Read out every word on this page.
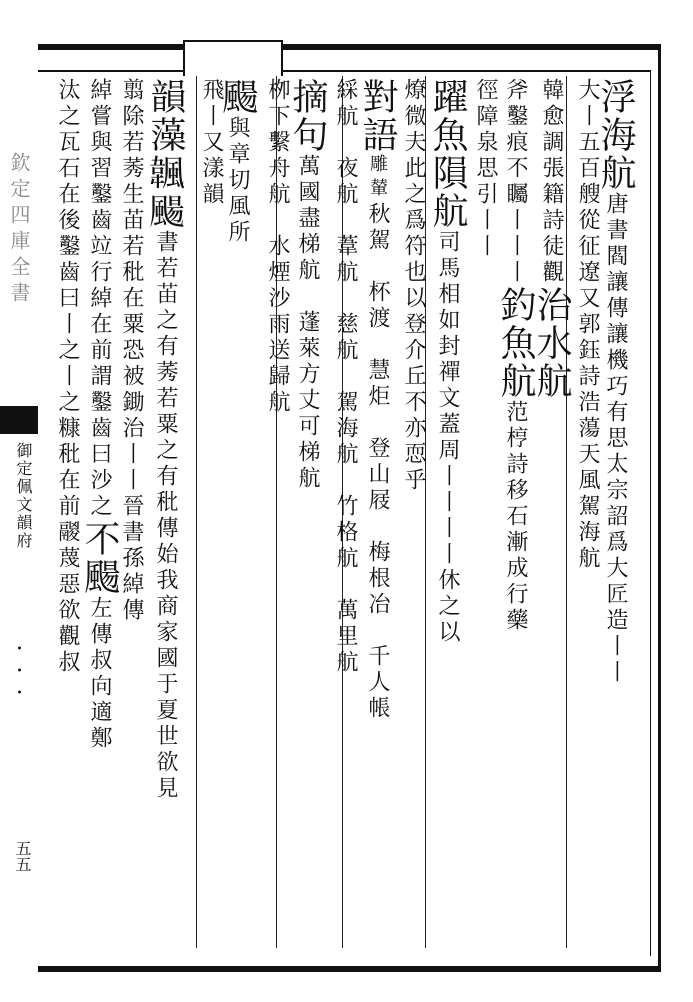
欽定四庫全書
御定佩文韻府
・・・
五五
浮海航唐書閻讓傳讓機巧有思太宗詔爲大匠造丨丨
大丨五百艘從征遼又郭鈺詩浩蕩天風駕海航
韓愈調張籍詩徒觀治水航
斧鑿痕不矚丨丨丨釣魚航范梈詩移石漸成行藥
徑障泉思引丨丨
躍魚隕航司馬相如封禪文蓋周丨丨丨丨休之以
燎微夫此之爲符也以登介丘不亦恧乎
對語雕輦秋駕　杯渡　慧炬　登山屐　梅根冶　千人帳
綵航　夜航　葦航　慈航　駕海航　竹格航　萬里航
摘句萬國盡梯航　蓬萊方丈可梯航
栁下繫舟航　水煙沙雨送歸航
颺與章切風所
飛丨又漾韻
韻藻𩘚颺書若苖之有莠若粟之有秕傳始我商家國于夏世欲見
翦除若莠生苖若秕在粟恐被鋤治丨丨晉書孫綽傳
綽嘗與習鑿齒竝行綽在前謂鑿齒曰沙之不颺左傳叔向適鄭
汰之瓦石在後鑿齒曰丨之丨之糠秕在前鬷蔑惡欲觀叔
